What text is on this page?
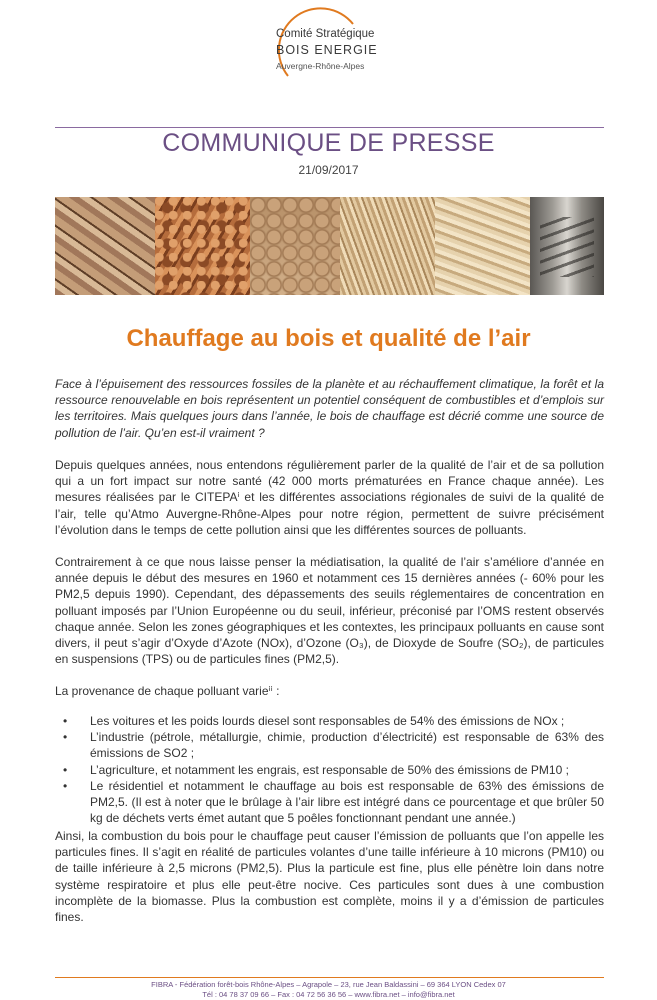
Comité Stratégique
BOIS ENERGIE
Auvergne-Rhône-Alpes
COMMUNIQUE DE PRESSE
21/09/2017
Chauffage au bois et qualité de l’air

Face à l’épuisement des ressources fossiles de la planète et au réchauffement climatique, la forêt et la ressource renouvelable en bois représentent un potentiel conséquent de combustibles et d’emplois sur les territoires. Mais quelques jours dans l’année, le bois de chauffage est décrié comme une source de pollution de l’air. Qu’en est-il vraiment ?

Depuis quelques années, nous entendons régulièrement parler de la qualité de l’air et de sa pollution qui a un fort impact sur notre santé (42 000 morts prématurées en France chaque année). Les mesures réalisées par le CITEPAⁱ et les différentes associations régionales de suivi de la qualité de l’air, telle qu’Atmo Auvergne-Rhône-Alpes pour notre région, permettent de suivre précisément l’évolution dans le temps de cette pollution ainsi que les différentes sources de polluants.

Contrairement à ce que nous laisse penser la médiatisation, la qualité de l’air s’améliore d’année en année depuis le début des mesures en 1960 et notamment ces 15 dernières années (- 60% pour les PM2,5 depuis 1990). Cependant, des dépassements des seuils réglementaires de concentration en polluant imposés par l’Union Européenne ou du seuil, inférieur, préconisé par l’OMS restent observés chaque année. Selon les zones géographiques et les contextes, les principaux polluants en cause sont divers, il peut s’agir d’Oxyde d’Azote (NOx), d’Ozone (O₃), de Dioxyde de Soufre (SO₂), de particules en suspensions (TPS) ou de particules fines (PM2,5).

La provenance de chaque polluant varieⁱⁱ :

• Les voitures et les poids lourds diesel sont responsables de 54% des émissions de NOx ;
• L’industrie (pétrole, métallurgie, chimie, production d’électricité) est responsable de 63% des émissions de SO2 ;
• L’agriculture, et notamment les engrais, est responsable de 50% des émissions de PM10 ;
• Le résidentiel et notamment le chauffage au bois est responsable de 63% des émissions de PM2,5. (Il est à noter que le brûlage à l’air libre est intégré dans ce pourcentage et que brûler 50 kg de déchets verts émet autant que 5 poêles fonctionnant pendant une année.)

Ainsi, la combustion du bois pour le chauffage peut causer l’émission de polluants que l’on appelle les particules fines. Il s’agit en réalité de particules volantes d’une taille inférieure à 10 microns (PM10) ou de taille inférieure à 2,5 microns (PM2,5). Plus la particule est fine, plus elle pénètre loin dans notre système respiratoire et plus elle peut-être nocive. Ces particules sont dues à une combustion incomplète de la biomasse. Plus la combustion est complète, moins il y a d’émission de particules fines.

FIBRA - Fédération forêt-bois Rhône-Alpes – Agrapole – 23, rue Jean Baldassini – 69 364 LYON Cedex 07
Tél : 04 78 37 09 66 – Fax : 04 72 56 36 56 – www.fibra.net – info@fibra.net
